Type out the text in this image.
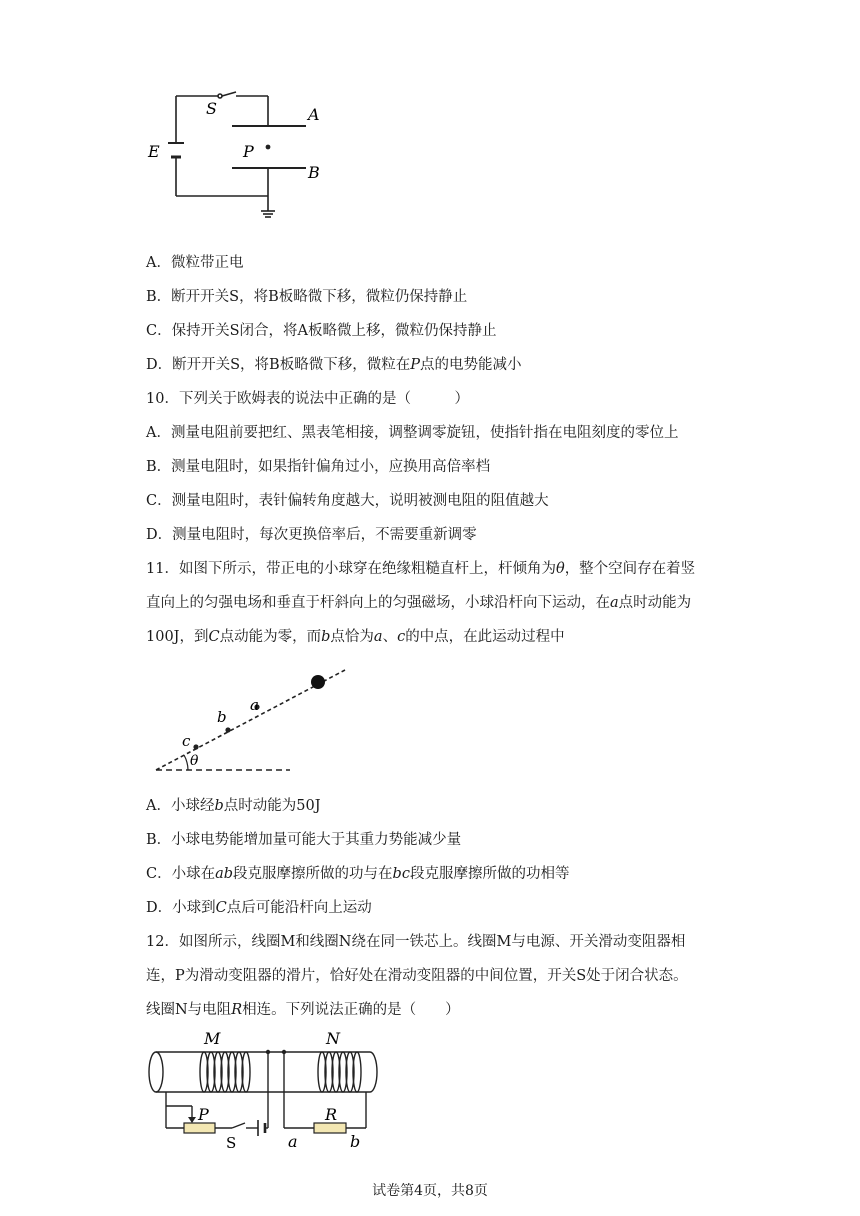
S	A
E	P
B
A．微粒带正电
B．断开开关S，将B板略微下移，微粒仍保持静止
C．保持开关S闭合，将A板略微上移，微粒仍保持静止
D．断开开关S，将B板略微下移，微粒在P点的电势能减小
10．下列关于欧姆表的说法中正确的是（　　　）
A．测量电阻前要把红、黑表笔相接，调整调零旋钮，使指针指在电阻刻度的零位上
B．测量电阻时，如果指针偏角过小，应换用高倍率档
C．测量电阻时，表针偏转角度越大，说明被测电阻的阻值越大
D．测量电阻时，每次更换倍率后，不需要重新调零
11．如图下所示，带正电的小球穿在绝缘粗糙直杆上，杆倾角为θ，整个空间存在着竖
直向上的匀强电场和垂直于杆斜向上的匀强磁场，小球沿杆向下运动，在a点时动能为
100J，到C点动能为零，而b点恰为a、c的中点，在此运动过程中
c
b
a
θ
A．小球经b点时动能为50J
B．小球电势能增加量可能大于其重力势能减少量
C．小球在ab段克服摩擦所做的功与在bc段克服摩擦所做的功相等
D．小球到C点后可能沿杆向上运动
12．如图所示，线圈M和线圈N绕在同一铁芯上。线圈M与电源、开关滑动变阻器相
连，P为滑动变阻器的滑片，恰好处在滑动变阻器的中间位置，开关S处于闭合状态。
线圈N与电阻R相连。下列说法正确的是（　　）
M	N
P
S
R
a	b
试卷第4页，共8页
